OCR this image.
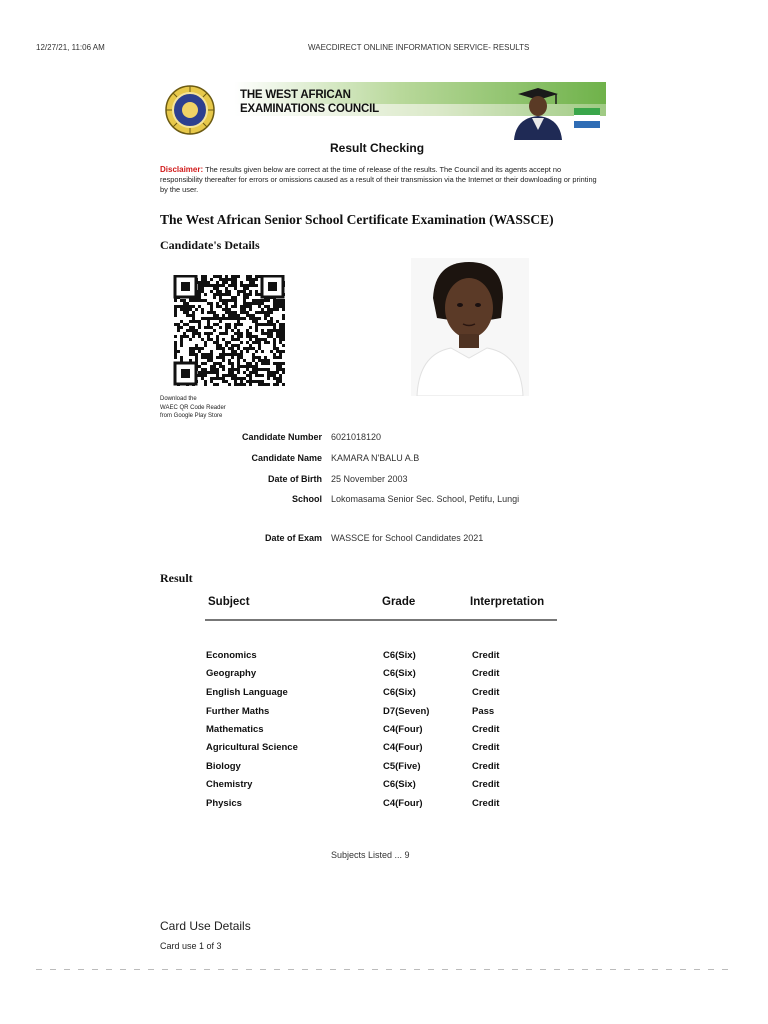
12/27/21, 11:06 AM	WAECDIRECT ONLINE INFORMATION SERVICE- RESULTS
THE WEST AFRICAN
EXAMINATIONS COUNCIL
Result Checking
Disclaimer: The results given below are correct at the time of release of the results. The Council and its agents accept no responsibility thereafter for errors or omissions caused as a result of their transmission via the Internet or their downloading or printing by the user.
The West African Senior School Certificate Examination (WASSCE)
Candidate's Details
Download the
WAEC QR Code Reader
from Google Play Store
Candidate Number 6021018120
Candidate Name KAMARA N'BALU A.B
Date of Birth 25 November 2003
School Lokomasama Senior Sec. School, Petifu, Lungi
Date of Exam WASSCE for School Candidates 2021
Result
Subject	Grade	Interpretation
Economics	C6(Six)	Credit
Geography	C6(Six)	Credit
English Language	C6(Six)	Credit
Further Maths	D7(Seven)	Pass
Mathematics	C4(Four)	Credit
Agricultural Science	C4(Four)	Credit
Biology	C5(Five)	Credit
Chemistry	C6(Six)	Credit
Physics	C4(Four)	Credit
Subjects Listed ... 9
Card Use Details
Card use 1 of 3
